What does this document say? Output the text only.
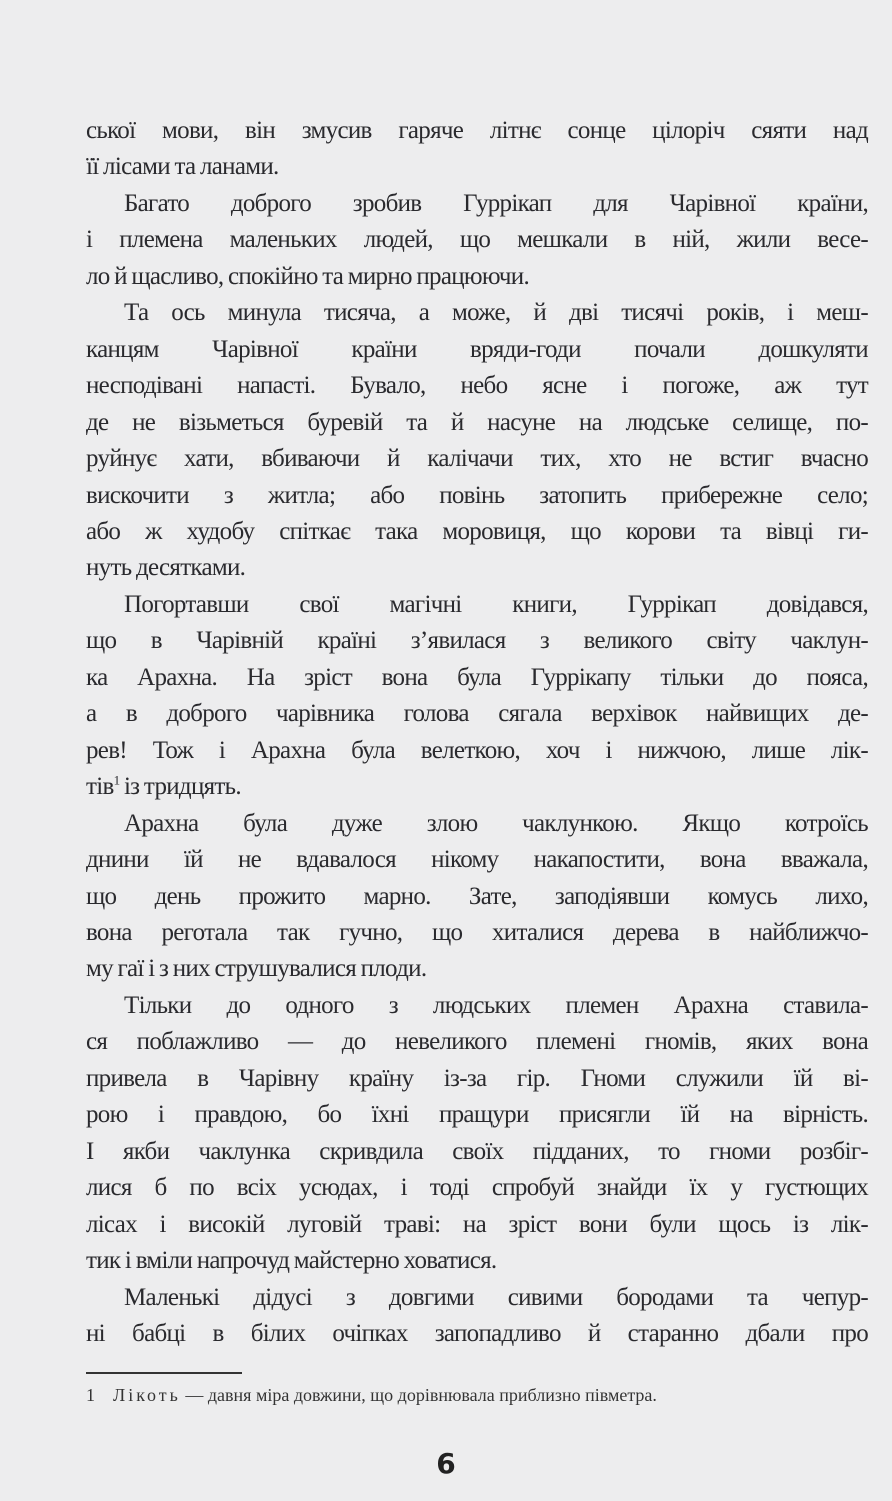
ської мови, він змусив гаряче літнє сонце цілоріч сяяти над
її лісами та ланами.
Багато доброго зробив Гуррікап для Чарівної країни,
і племена маленьких людей, що мешкали в ній, жили весе-
ло й щасливо, спокійно та мирно працюючи.
Та ось минула тисяча, а може, й дві тисячі років, і меш-
канцям Чарівної країни вряди-годи почали дошкуляти
несподівані напасті. Бувало, небо ясне і погоже, аж тут
де не візьметься буревій та й насуне на людське селище, по-
руйнує хати, вбиваючи й калічачи тих, хто не встиг вчасно
вискочити з житла; або повінь затопить прибережне село;
або ж худобу спіткає така моровиця, що корови та вівці ги-
нуть десятками.
Погортавши свої магічні книги, Гуррікап довідався,
що в Чарівній країні з’явилася з великого світу чаклун-
ка Арахна. На зріст вона була Гуррікапу тільки до пояса,
а в доброго чарівника голова сягала верхівок найвищих де-
рев! Тож і Арахна була велеткою, хоч і нижчою, лише лік-
тів$^1$ із тридцять.
Арахна була дуже злою чаклункою. Якщо котроїсь
днини їй не вдавалося нікому накапостити, вона вважала,
що день прожито марно. Зате, заподіявши комусь лихо,
вона реготала так гучно, що хиталися дерева в найближчо-
му гаї і з них струшувалися плоди.
Тільки до одного з людських племен Арахна ставила-
ся поблажливо — до невеликого племені гномів, яких вона
привела в Чарівну країну із-за гір. Гноми служили їй ві-
рою і правдою, бо їхні пращури присягли їй на вірність.
І якби чаклунка скривдила своїх підданих, то гноми розбіг-
лися б по всіх усюдах, і тоді спробуй знайди їх у густющих
лісах і високій луговій траві: на зріст вони були щось із лік-
тик і вміли напрочуд майстерно ховатися.
Маленькі дідусі з довгими сивими бородами та чепур-
ні бабці в білих очіпках запопадливо й старанно дбали про
1 Лікоть — давня міра довжини, що дорівнювала приблизно півметра.
6
